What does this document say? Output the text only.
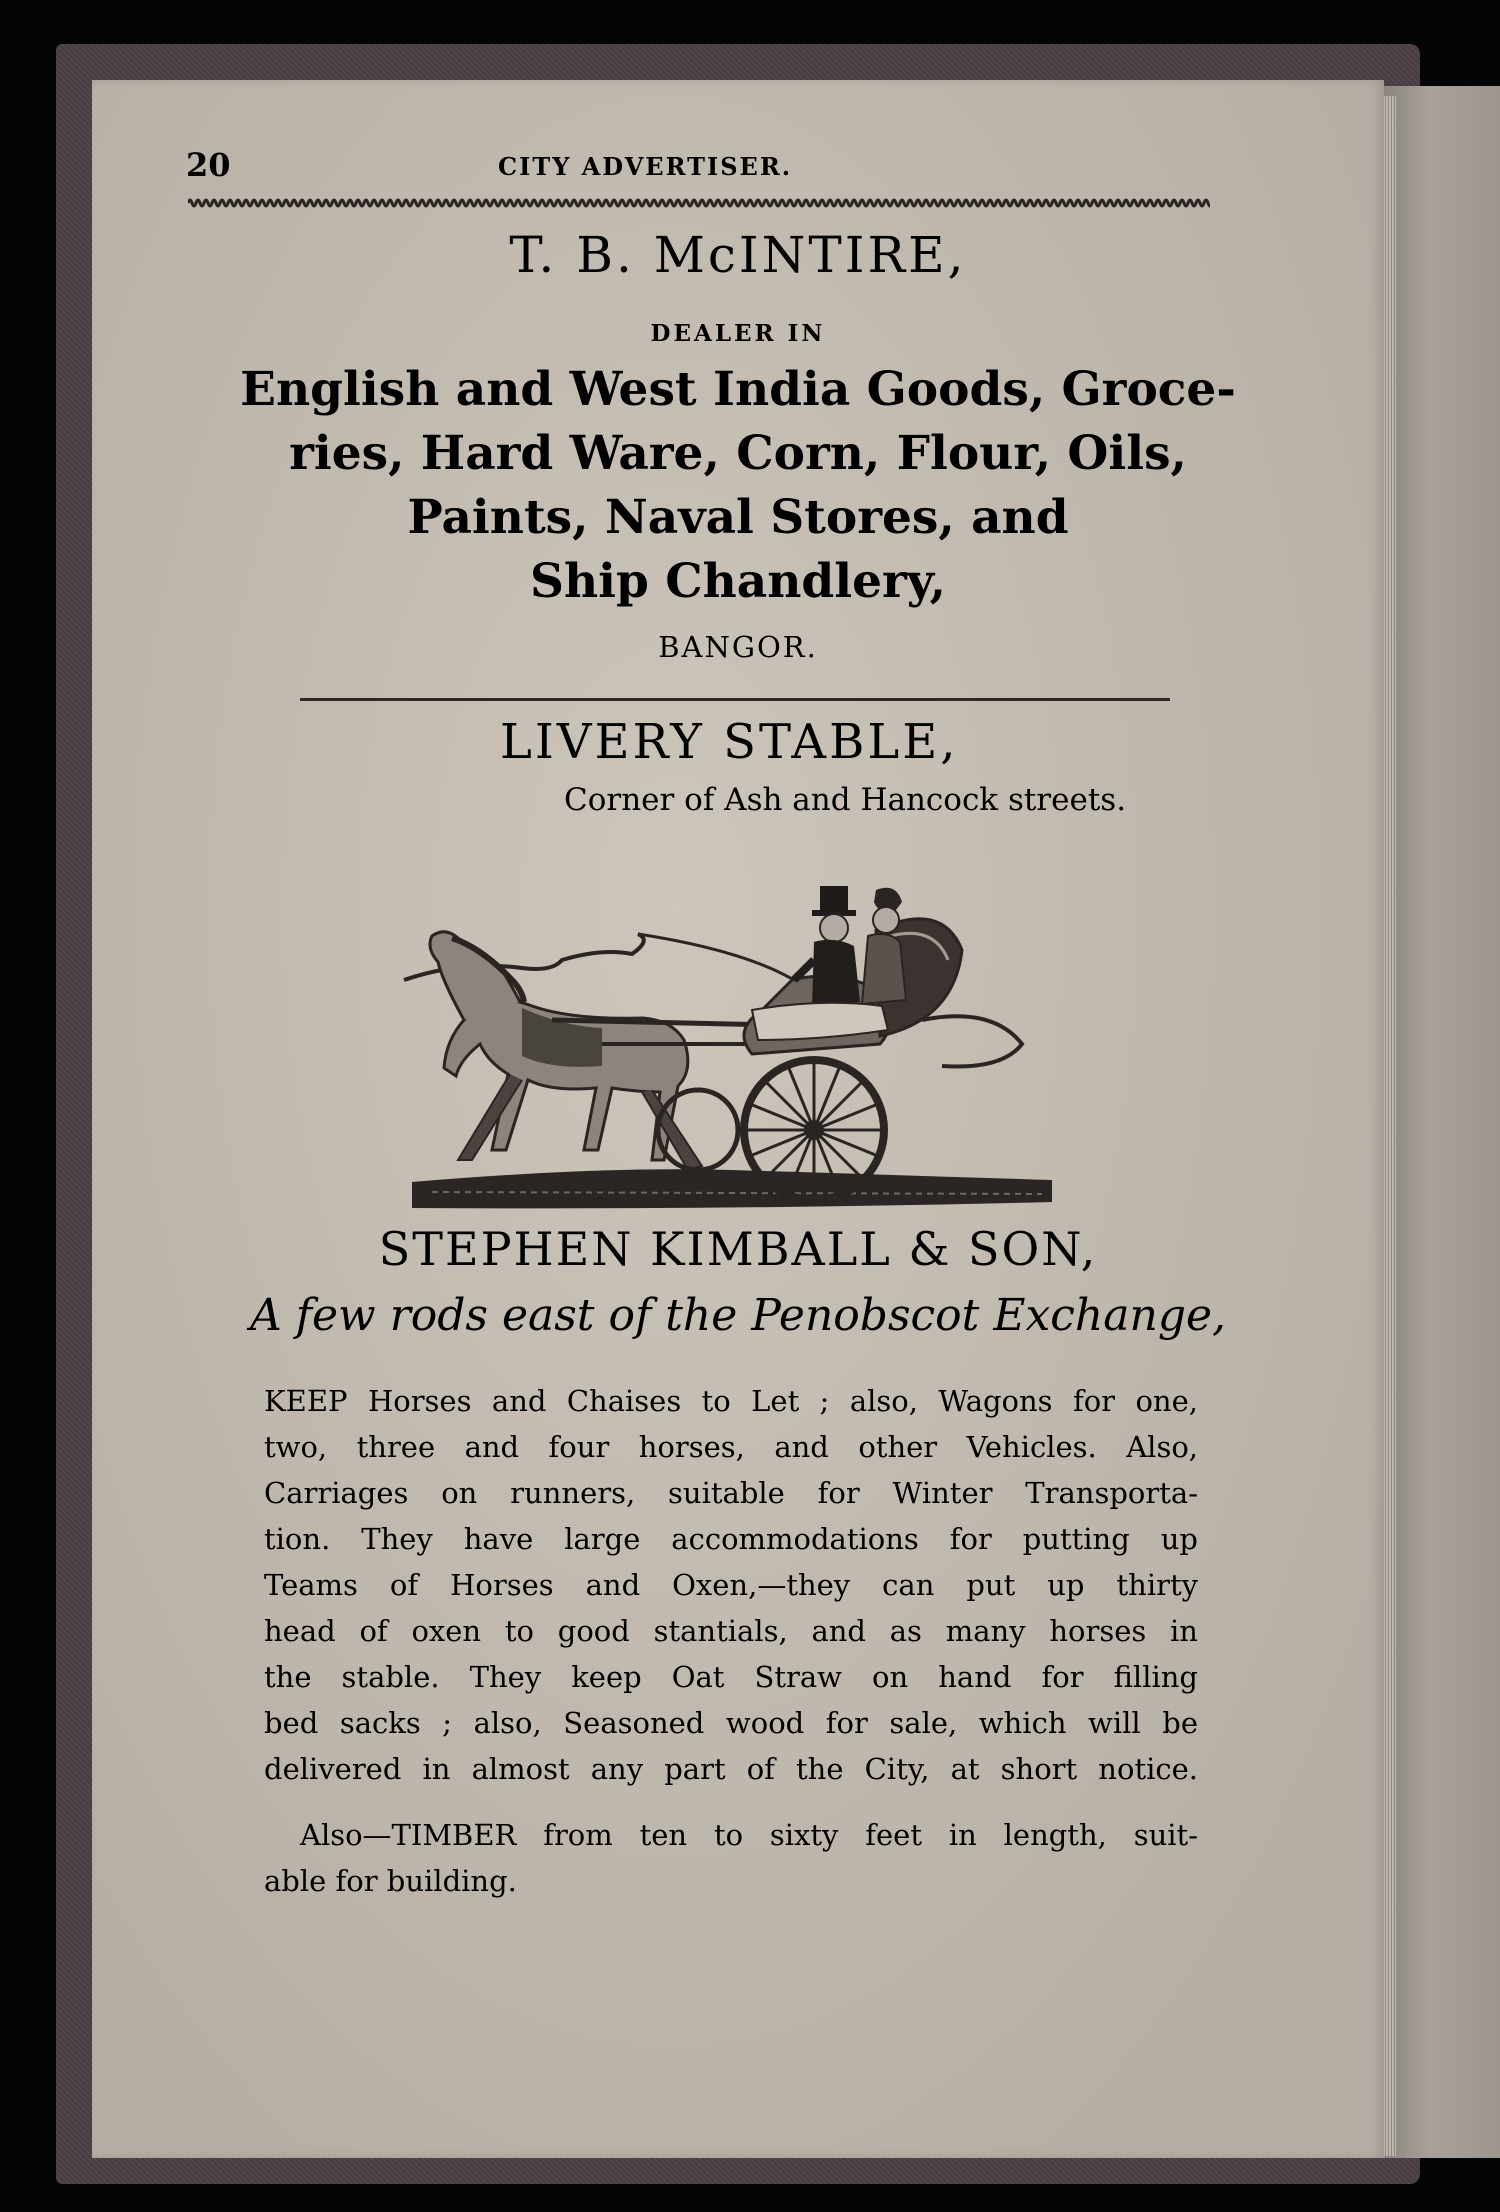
20	CITY ADVERTISER.
T. B. McINTIRE,
DEALER IN
English and West India Goods, Groce-
ries, Hard Ware, Corn, Flour, Oils,
Paints, Naval Stores, and
Ship Chandlery,
BANGOR.
LIVERY STABLE,
Corner of Ash and Hancock streets.
STEPHEN KIMBALL & SON,
A few rods east of the Penobscot Exchange,
KEEP Horses and Chaises to Let ; also, Wagons for one,
two, three and four horses, and other Vehicles. Also,
Carriages on runners, suitable for Winter Transporta-
tion. They have large accommodations for putting up
Teams of Horses and Oxen,—they can put up thirty
head of oxen to good stantials, and as many horses in
the stable. They keep Oat Straw on hand for filling
bed sacks ; also, Seasoned wood for sale, which will be
delivered in almost any part of the City, at short notice.
Also—TIMBER from ten to sixty feet in length, suit-
able for building.
